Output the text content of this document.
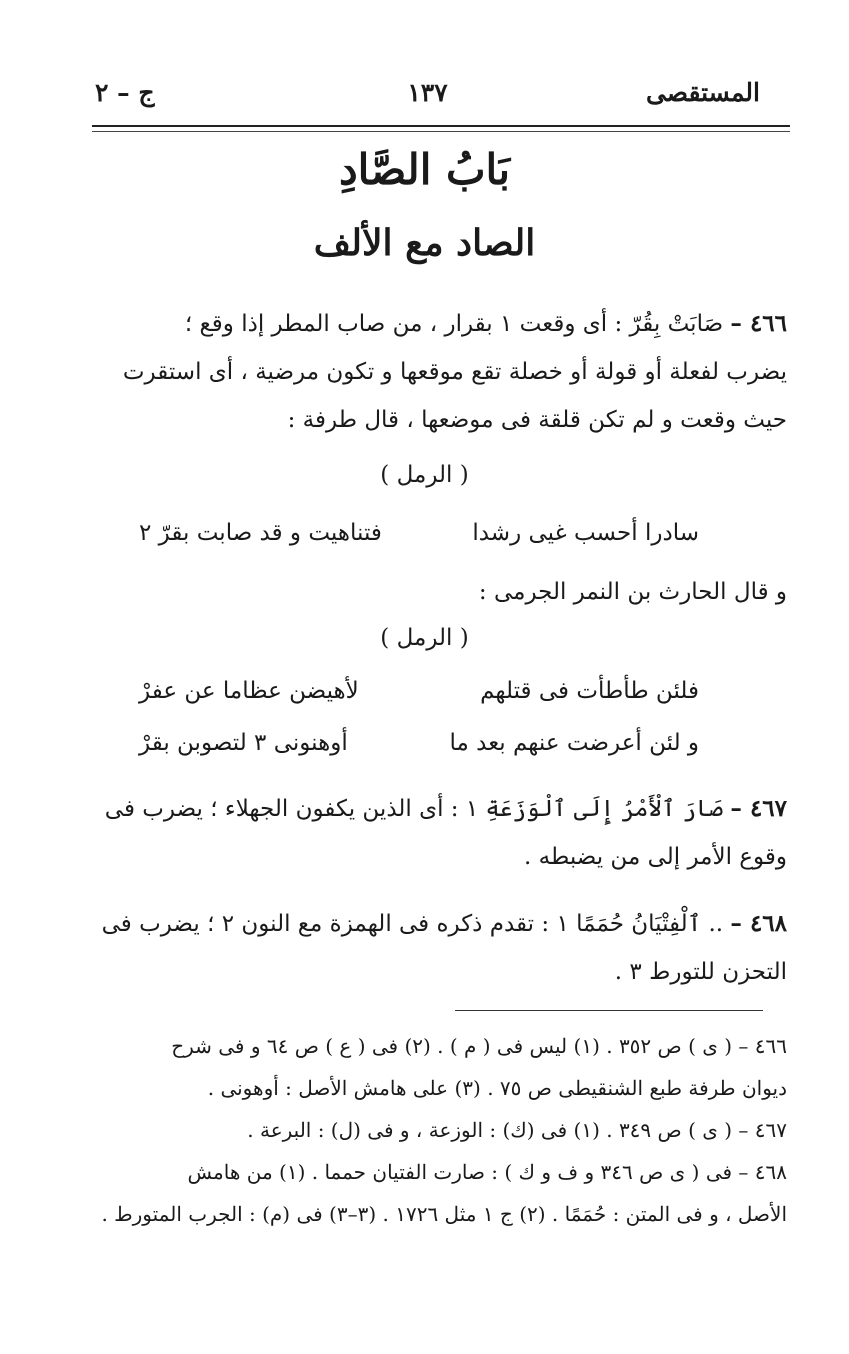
المستقصى
١٣٧
ج – ٢
بَابُ الصَّادِ
الصاد مع الألف
٤٦٦ – صَابَتْ بِقُرّ : أى وقعت ١ بقرار ، من صاب المطر إذا وقع ؛
يضرب لفعلة أو قولة أو خصلة تقع موقعها و تكون مرضية ، أى استقرت
حيث وقعت و لم تكن قلقة فى موضعها ، قال طرفة :
( الرمل )
سادرا أحسب غيى رشدا
فتناهيت و قد صابت بقرّ ٢
و قال الحارث بن النمر الجرمى :
( الرمل )
فلئن طأطأت فى قتلهم
لأهيضن عظاما عن عفرْ
و لئن أعرضت عنهم بعد ما
أوهنونى ٣ لتصوبن بقرْ
٤٦٧ – صَارَ ٱلْأَمْرُ إِلَى ٱلْوَزَعَةِ ١ : أى الذين يكفون الجهلاء ؛ يضرب فى
وقوع الأمر إلى من يضبطه .
٤٦٨ – .. ٱلْفِتْيَانُ حُمَمًا ١ : تقدم ذكره فى الهمزة مع النون ٢ ؛ يضرب فى
التحزن للتورط ٣ .
٤٦٦ – ( ى ) ص ٣٥٢ . (١) ليس فى ( م ) . (٢) فى ( ع ) ص ٦٤ و فى شرح
ديوان طرفة طبع الشنقيطى ص ٧٥ . (٣) على هامش الأصل : أوهونى .
٤٦٧ – ( ى ) ص ٣٤٩ . (١) فى (ك) : الوزعة ، و فى (ل) : البرعة .
٤٦٨ – فى ( ى ص ٣٤٦ و ف و ك ) : صارت الفتيان حمما . (١) من هامش
الأصل ، و فى المتن : حُمَمًا . (٢) ج ١ مثل ١٧٢٦ . (٣–٣) فى (م) : الجرب المتورط .
